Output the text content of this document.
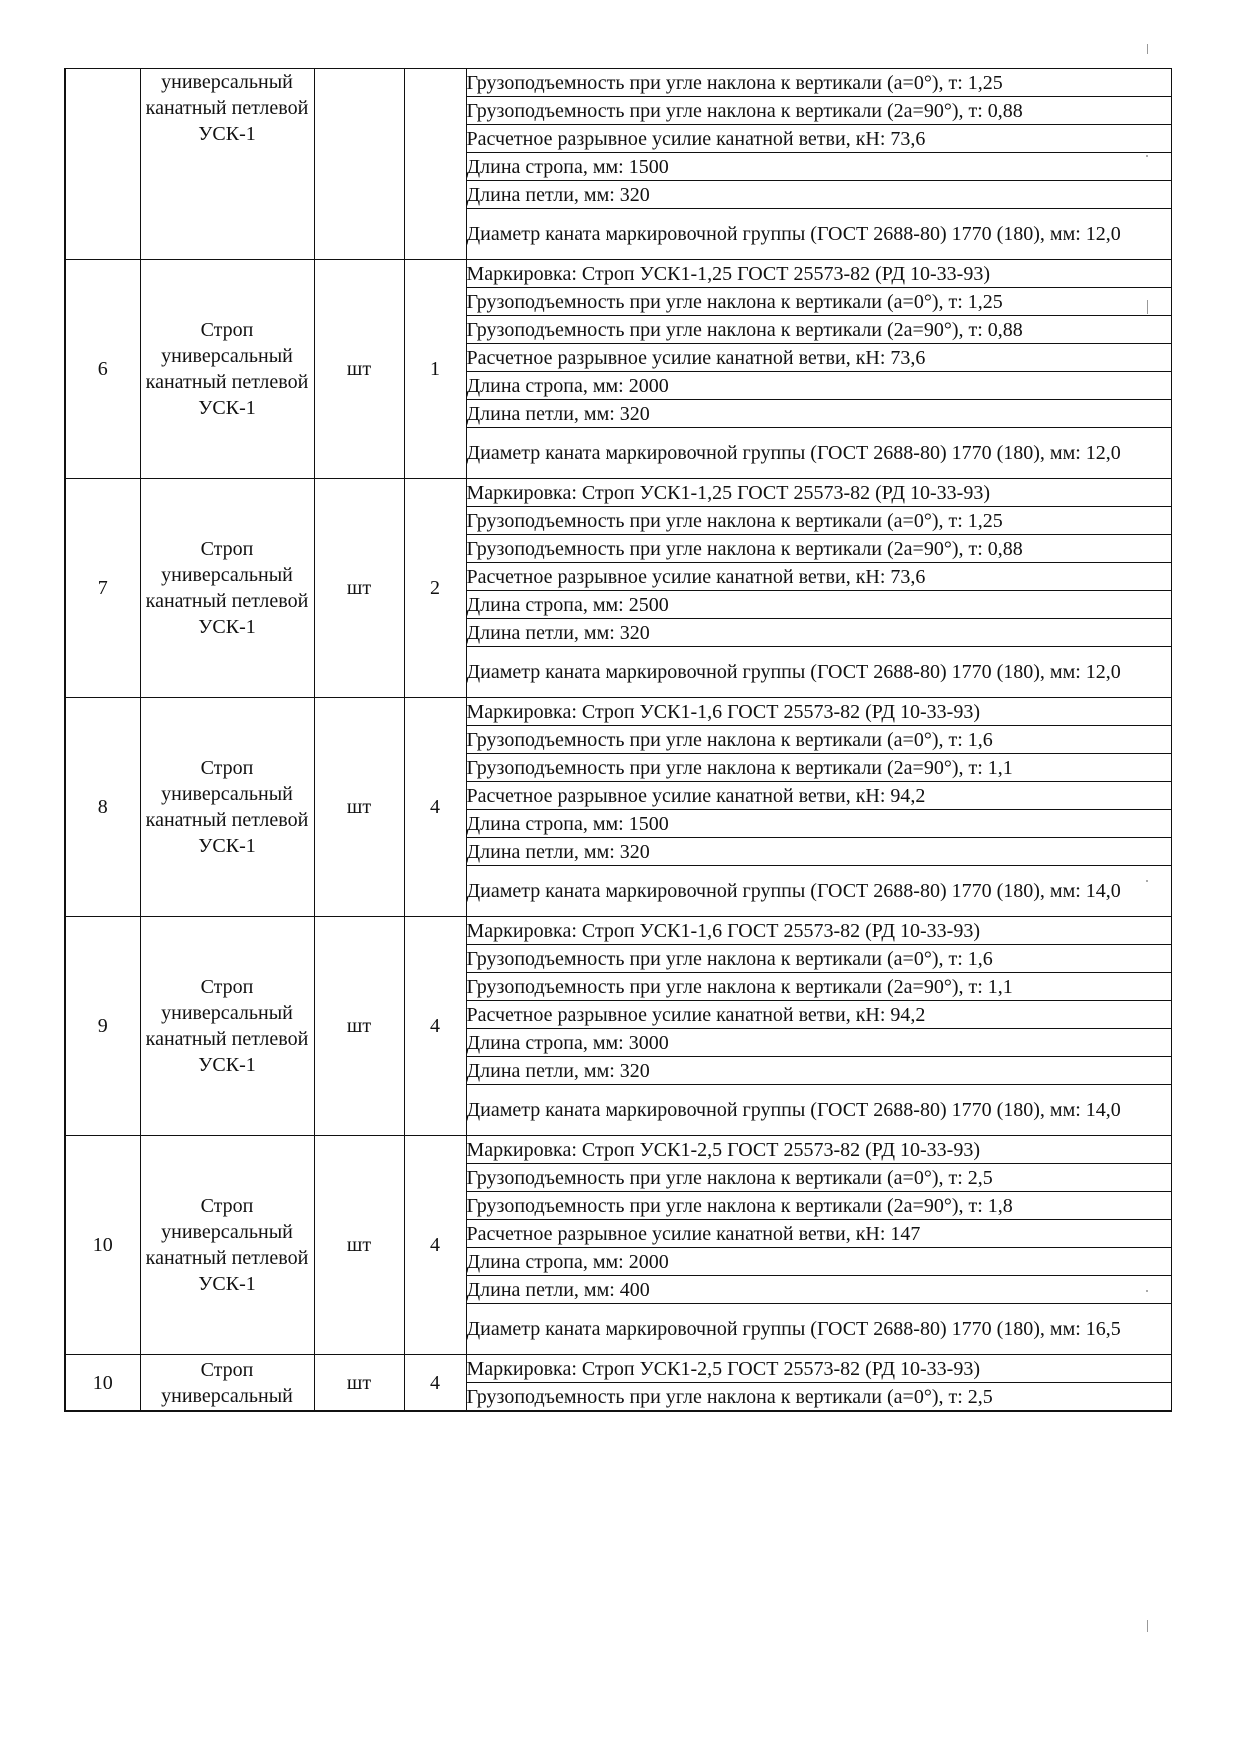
	универсальный канатный петлевой УСК-1			Грузоподъемность при угле наклона к вертикали (a=0°), т: 1,25
				Грузоподъемность при угле наклона к вертикали (2a=90°), т: 0,88
				Расчетное разрывное усилие канатной ветви, кН: 73,6
				Длина стропа, мм: 1500
				Длина петли, мм: 320
				Диаметр каната маркировочной группы (ГОСТ 2688-80) 1770 (180), мм: 12,0
6	Строп универсальный канатный петлевой УСК-1	шт	1	Маркировка: Строп УСК1-1,25 ГОСТ 25573-82 (РД 10-33-93)
				Грузоподъемность при угле наклона к вертикали (a=0°), т: 1,25
				Грузоподъемность при угле наклона к вертикали (2a=90°), т: 0,88
				Расчетное разрывное усилие канатной ветви, кН: 73,6
				Длина стропа, мм: 2000
				Длина петли, мм: 320
				Диаметр каната маркировочной группы (ГОСТ 2688-80) 1770 (180), мм: 12,0
7	Строп универсальный канатный петлевой УСК-1	шт	2	Маркировка: Строп УСК1-1,25 ГОСТ 25573-82 (РД 10-33-93)
				Грузоподъемность при угле наклона к вертикали (a=0°), т: 1,25
				Грузоподъемность при угле наклона к вертикали (2a=90°), т: 0,88
				Расчетное разрывное усилие канатной ветви, кН: 73,6
				Длина стропа, мм: 2500
				Длина петли, мм: 320
				Диаметр каната маркировочной группы (ГОСТ 2688-80) 1770 (180), мм: 12,0
8	Строп универсальный канатный петлевой УСК-1	шт	4	Маркировка: Строп УСК1-1,6 ГОСТ 25573-82 (РД 10-33-93)
				Грузоподъемность при угле наклона к вертикали (a=0°), т: 1,6
				Грузоподъемность при угле наклона к вертикали (2a=90°), т: 1,1
				Расчетное разрывное усилие канатной ветви, кН: 94,2
				Длина стропа, мм: 1500
				Длина петли, мм: 320
				Диаметр каната маркировочной группы (ГОСТ 2688-80) 1770 (180), мм: 14,0
9	Строп универсальный канатный петлевой УСК-1	шт	4	Маркировка: Строп УСК1-1,6 ГОСТ 25573-82 (РД 10-33-93)
				Грузоподъемность при угле наклона к вертикали (a=0°), т: 1,6
				Грузоподъемность при угле наклона к вертикали (2a=90°), т: 1,1
				Расчетное разрывное усилие канатной ветви, кН: 94,2
				Длина стропа, мм: 3000
				Длина петли, мм: 320
				Диаметр каната маркировочной группы (ГОСТ 2688-80) 1770 (180), мм: 14,0
10	Строп универсальный канатный петлевой УСК-1	шт	4	Маркировка: Строп УСК1-2,5 ГОСТ 25573-82 (РД 10-33-93)
				Грузоподъемность при угле наклона к вертикали (a=0°), т: 2,5
				Грузоподъемность при угле наклона к вертикали (2a=90°), т: 1,8
				Расчетное разрывное усилие канатной ветви, кН: 147
				Длина стропа, мм: 2000
				Длина петли, мм: 400
				Диаметр каната маркировочной группы (ГОСТ 2688-80) 1770 (180), мм: 16,5
10	Строп универсальный	шт	4	Маркировка: Строп УСК1-2,5 ГОСТ 25573-82 (РД 10-33-93)
				Грузоподъемность при угле наклона к вертикали (a=0°), т: 2,5
